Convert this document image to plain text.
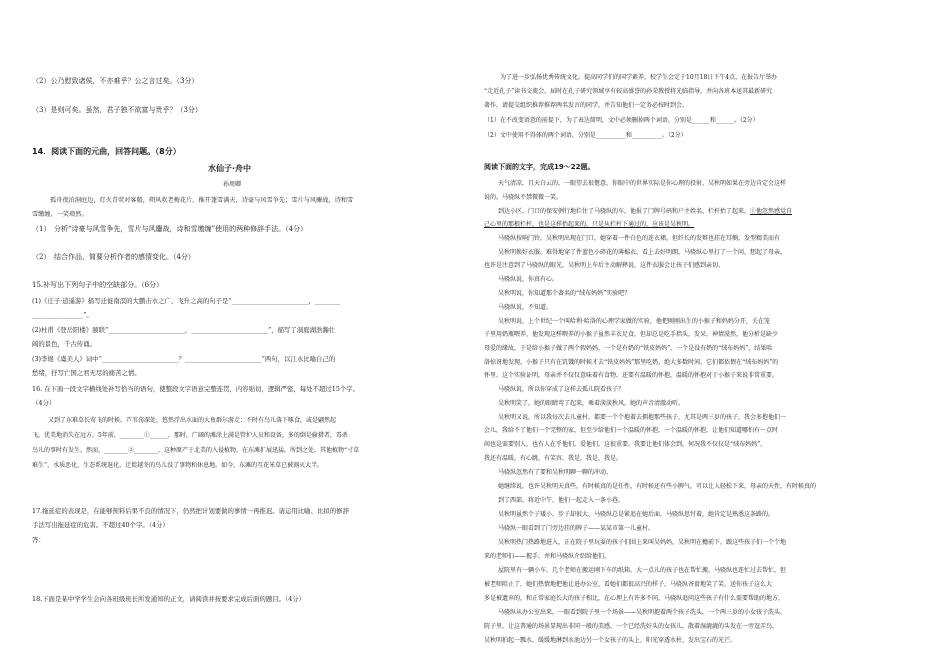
（2）公乃慰致诸侯，不亦难乎？公之言过矣。（3分）
（3）是则可矣。虽然，君子独不欲富与贵乎？（3分）
14．阅读下面的元曲，回答问题。（8分）
水仙子·舟中
孙周卿
孤舟夜泊洞庭边，灯火青荧对客船，朔风吹老梅花片，推开篷雪满天，诗豪与风雪争先；雪片与风鏖战，诗和雪
雪缴缠，一笑琅然。
（1）　分析“诗豪与风雪争先，雪片与风鏖战，诗和雪缴缠”使用的两种修辞手法。（4分）
（2）　结合作品，简要分析作者的感情变化。（4分）
15.补写出下列句子中的空缺部分。（6分）
(1)《庄子·逍遥游》描写迁徙南溟的大鹏击水之广、飞升之高的句子是“________________________，________
________________”。
(2)杜甫《登岳阳楼》颔联“________________________，________________________”，描写了洞庭湖浩瀚壮
阔的景色，千古传诵。
(3)李煜《虞美人》词中“________________________？________________________”两句，以江水比喻自己的
愁绪，抒写亡国之君无尽的痛苦之情。
16. 在下面一段文字横线处补写恰当的语句，使整段文字语意完整连贯，内容贴切，逻辑严密，每处不超过15个字。
（4分）
又到了东难草长莺飞的时候。芦苇荡深处，悠然浮出水面的大鱼群尔游走；不时有鸟儿落下啄食，或是翩然起
飞，优美地消失在远方。5年前，________①______，那时，广阔的滩涂上满是管护人员和设备，多的倒是偷猎者，毒杀
鸟儿的事时有发生。然而，________②________，这种原产于北美的入侵植物，在东滩扩展迅猛，所到之处，其他植物“寸草
难生”，水质恶化，生态系统退化，迁徙越冬的鸟儿没了事物和休息地。如今，东滩的互花米草已被割灭大半。
17.拖延症的表现是，在能够预料后果不良的情况下，仍然把计划要做的事情一再推迟。请运用比喻、比拟的修辞
手法写出拖延症的危害。不超过40个字。（4分）
答：
18.下面是某中学学生会向各班级班长所发通知的正文，请阅读并按要求完成后面的题目。（4分）
为了进一步弘扬优秀传统文化，提高同学们的国学素养，校学生会定于10月18日下午4点，在报告厅举办
“走近孔子”读书交流会，届时在孔子研究领域享有较高盛誉的孙荣教授将光临指导，并向各班本送其最新研究
著作，请提交组织推荐推荐两名发言的同学，并告知他们一定务必按时到会。
（1）在不改变语意的前提下，为了表达简明，文中必须删掉两个词语，分别是______和______。（2分）
（2）文中使用不得体的两个词语，分别是__________和__________。（2分）
阅读下面的文字，完成19～22题。
天气清凉，且天白云的，一眼望去很惬意。你眼中的世界实际是你心理的投射，吴秋明如果在旁边肯定会这样
说的。马骁纵不禁微微一笑。
到达小区，门口的保安例行地拦住了马骁纵的车，他报了门牌号码和户主姓名，栏杆抬了起来。①他忽然感觉自
己心里的那根栏杆，也是这样抬起来的，只是从栏杆下通过的，应该是吴秋明。
马骁纵按响门铃，吴秋明出现在门口，她穿着一件白色的连衣裙，但纤长的发辫也挂在耳侧，发型精美而有
吴秋明换好衣服，难得地穿了件蓝色小碎花的薄棉衣，看上去好明朗，马骁纵心里打了一个问，想起了母亲，
也许是注意到了马骁纵的眼光，吴秋明上车后主动解释说，这件衣服会让孩子们感到亲切。
马骁纵说，你真有心。
吴秋明说，你知道那个著名的“绒布妈妈”实验吧？
马骁纵说，不知道。
吴秋明说，上个世纪一个叫哈利·哈洛的心理学家做的实验，他把刚刚出生的小猴子和妈妈分开，关在笼
子里用奶瓶喂养，他发现这样喂养的小猴子虽然丰衣足食，但却总是吃手指头，发呆，神情漠然，他分析是缺少
母爱的缘故，于是给小猴子做了两个假妈妈，一个是有奶的“铁皮妈妈”，一个是没有奶的“绒布妈妈”，结果哈
洛惊讶地发现，小猴子只有在饥饿的时候才去“铁皮妈妈”那里吃奶，绝大多数时间，它们都依偎在“绒布妈妈”的
怀里。这个实验证明，母亲并不仅仅意味着有食物，还要有温暖的怀抱，温暖的怀抱对于小猴子来说非常重要。
马骁纵说，所以你穿成了这样去孤儿院看孩子？
吴秋明笑了，她的眼睛弯了起来，乘着淡淡秋风，她的声音清澈动听。
吴秋明又说，所以我每次去儿童村，都要一个个抱着去拥抱那些孩子，尤其是两三岁的孩子，我会多抱他们一
会儿，我给不了他们一个完整的家，但至少给他们一个温暖的怀抱，一个温暖的怀抱，让他们知道哪怕有一点时
间也是需要别人，也有人在乎他们，爱他们，这很重要。我要让他们体会到，何况我不仅仅是“绒布妈妈”，
我还有温暖，有心跳，有笑容，我是，我是，我是。
马骁纵忽然有了要和吴秋明聊一聊的冲动。
她继续说，也许吴秋明天真些，有时候真的是任性，有时候还有些小脾气，可以让人轻松下来，母亲的天性，有时候真的
到了西部，将近中午，他们一起走入一条小巷。
吴秋明虽然个子矮小，步子却很大，马骁纵总是紧追在她后面，马骁纵思忖着，她肯定是熟悉这条路的。
马骁纵一眼看到了门旁边挂的牌子——某某市第一儿童村。
吴秋明热门热路地进入，正在院子里玩耍的孩子们围上来叫吴妈妈，吴秋明在檐前下，跟这些孩子们一个个地
来的老师们——握手，并和马骁纵介绍给他们。
屋院里有一辆小车，几个老师在搬运刚下车的纸箱。大一点儿的孩子也在帮忙搬，马骁纵也连忙过去帮忙，但
被老师阻止了，她们热情地把他让进办公室，看她们都很高兴的样子，马骁纵吝啬地笑了笑，送你孩子这么大
多是被遗弃的，和正常家庭长大的孩子相比，在心理上有许多不同，马骁纵追问这些孩子有什么需要帮助的地方，
马骁纵从办公室出来，一眼看到院子里一个场景——吴秋明抱着两个孩子洗头，一个两三岁的小女孩子洗头，
院子里，让这普通的场景显现出非同一般的美感，一个已经洗好头的女孩儿，散着湿漉漉的头发在一旁逗弄鸟，
吴秋明拍起一瓢水，缓缓地淋到水池边另一个女孩子的头上，阳光穿透水柱，发出宝石的光芒。
